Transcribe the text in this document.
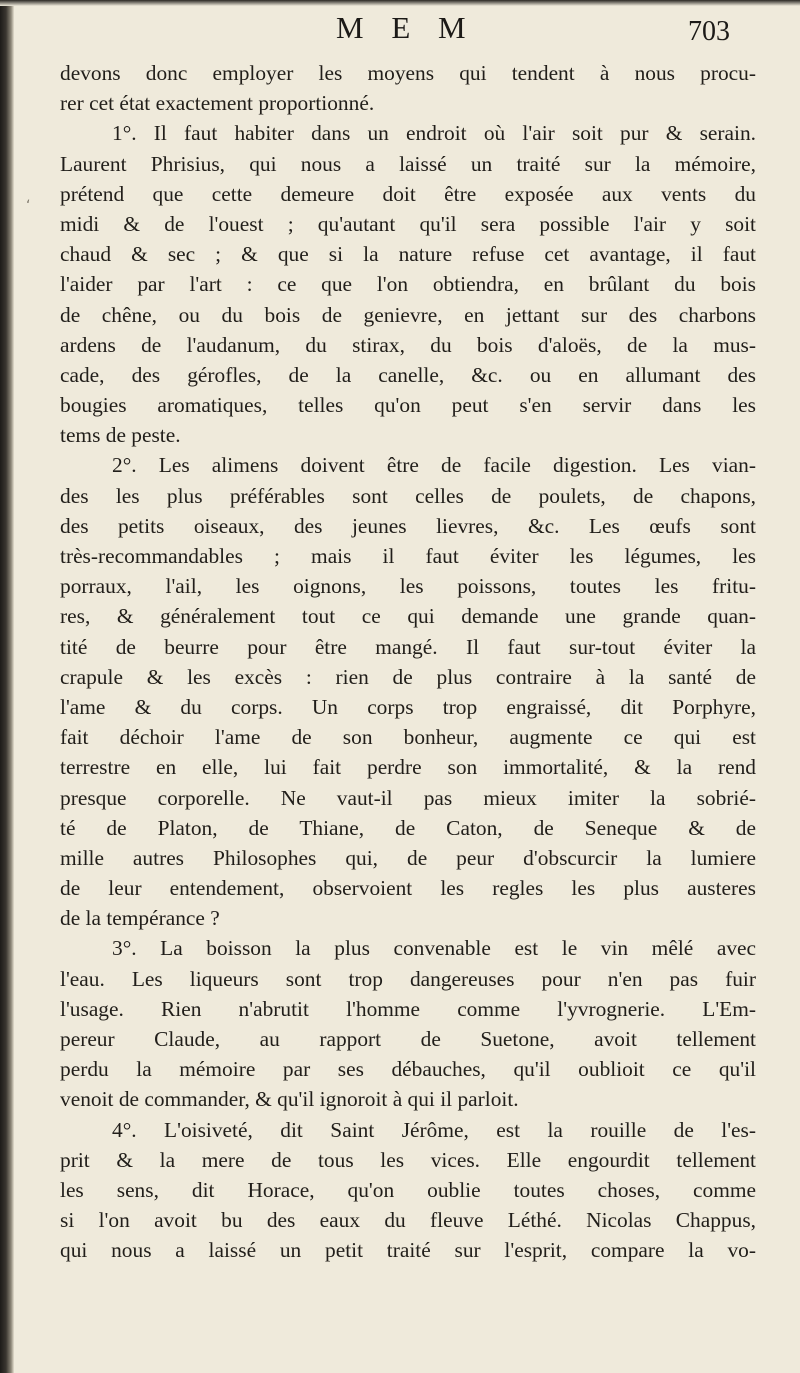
M E M	703
devons donc employer les moyens qui tendent à nous procu-
rer cet état exactement proportionné.
1°. Il faut habiter dans un endroit où l'air soit pur & serain.
Laurent Phrisius, qui nous a laissé un traité sur la mémoire,
prétend que cette demeure doit être exposée aux vents du
midi & de l'ouest ; qu'autant qu'il sera possible l'air y soit
chaud & sec ; & que si la nature refuse cet avantage, il faut
l'aider par l'art : ce que l'on obtiendra, en brûlant du bois
de chêne, ou du bois de genievre, en jettant sur des charbons
ardens de l'audanum, du stirax, du bois d'aloës, de la mus-
cade, des gérofles, de la canelle, &c. ou en allumant des
bougies aromatiques, telles qu'on peut s'en servir dans les
tems de peste.
2°. Les alimens doivent être de facile digestion. Les vian-
des les plus préférables sont celles de poulets, de chapons,
des petits oiseaux, des jeunes lievres, &c. Les œufs sont
très-recommandables ; mais il faut éviter les légumes, les
porraux, l'ail, les oignons, les poissons, toutes les fritu-
res, & généralement tout ce qui demande une grande quan-
tité de beurre pour être mangé. Il faut sur-tout éviter la
crapule & les excès : rien de plus contraire à la santé de
l'ame & du corps. Un corps trop engraissé, dit Porphyre,
fait déchoir l'ame de son bonheur, augmente ce qui est
terrestre en elle, lui fait perdre son immortalité, & la rend
presque corporelle. Ne vaut-il pas mieux imiter la sobrié-
té de Platon, de Thiane, de Caton, de Seneque & de
mille autres Philosophes qui, de peur d'obscurcir la lumiere
de leur entendement, observoient les regles les plus austeres
de la tempérance ?
3°. La boisson la plus convenable est le vin mêlé avec
l'eau. Les liqueurs sont trop dangereuses pour n'en pas fuir
l'usage. Rien n'abrutit l'homme comme l'yvrognerie. L'Em-
pereur Claude, au rapport de Suetone, avoit tellement
perdu la mémoire par ses débauches, qu'il oublioit ce qu'il
venoit de commander, & qu'il ignoroit à qui il parloit.
4°. L'oisiveté, dit Saint Jérôme, est la rouille de l'es-
prit & la mere de tous les vices. Elle engourdit tellement
les sens, dit Horace, qu'on oublie toutes choses, comme
si l'on avoit bu des eaux du fleuve Léthé. Nicolas Chappus,
qui nous a laissé un petit traité sur l'esprit, compare la vo-
‘
